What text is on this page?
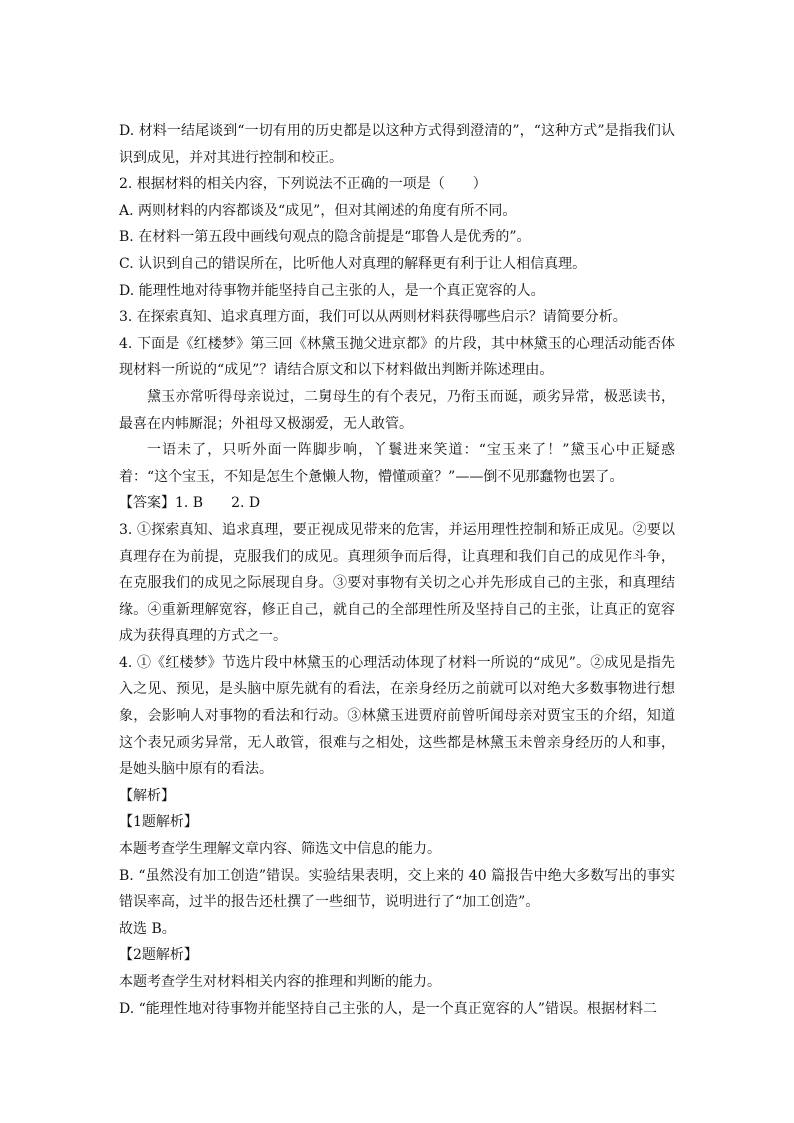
D. 材料一结尾谈到“一切有用的历史都是以这种方式得到澄清的”，“这种方式”是指我们认识到成见，并对其进行控制和校正。

2. 根据材料的相关内容，下列说法不正确的一项是（　　）

A. 两则材料的内容都谈及“成见”，但对其阐述的角度有所不同。

B. 在材料一第五段中画线句观点的隐含前提是“耶鲁人是优秀的”。

C. 认识到自己的错误所在，比听他人对真理的解释更有利于让人相信真理。

D. 能理性地对待事物并能坚持自己主张的人，是一个真正宽容的人。

3. 在探索真知、追求真理方面，我们可以从两则材料获得哪些启示？请简要分析。

4. 下面是《红楼梦》第三回《林黛玉抛父进京都》的片段，其中林黛玉的心理活动能否体现材料一所说的“成见”？请结合原文和以下材料做出判断并陈述理由。

黛玉亦常听得母亲说过，二舅母生的有个表兄，乃衔玉而诞，顽劣异常，极恶读书，最喜在内帏厮混；外祖母又极溺爱，无人敢管。

一语未了，只听外面一阵脚步响，丫鬟进来笑道：“宝玉来了！”黛玉心中正疑惑着：“这个宝玉，不知是怎生个惫懒人物，懵懂顽童？”——倒不见那蠢物也罢了。

【答案】1. B　　2. D

3. ①探索真知、追求真理，要正视成见带来的危害，并运用理性控制和矫正成见。②要以真理存在为前提，克服我们的成见。真理须争而后得，让真理和我们自己的成见作斗争，在克服我们的成见之际展现自身。③要对事物有关切之心并先形成自己的主张，和真理结缘。④重新理解宽容，修正自己，就自己的全部理性所及坚持自己的主张，让真正的宽容成为获得真理的方式之一。

4. ①《红楼梦》节选片段中林黛玉的心理活动体现了材料一所说的“成见”。②成见是指先入之见、预见，是头脑中原先就有的看法，在亲身经历之前就可以对绝大多数事物进行想象，会影响人对事物的看法和行动。③林黛玉进贾府前曾听闻母亲对贾宝玉的介绍，知道这个表兄顽劣异常，无人敢管，很难与之相处，这些都是林黛玉未曾亲身经历的人和事，是她头脑中原有的看法。

【解析】

【1题解析】

本题考查学生理解文章内容、筛选文中信息的能力。

B. “虽然没有加工创造”错误。实验结果表明，交上来的 40 篇报告中绝大多数写出的事实错误率高，过半的报告还杜撰了一些细节，说明进行了“加工创造”。

故选 B。

【2题解析】

本题考查学生对材料相关内容的推理和判断的能力。

D. “能理性地对待事物并能坚持自己主张的人，是一个真正宽容的人”错误。根据材料二
